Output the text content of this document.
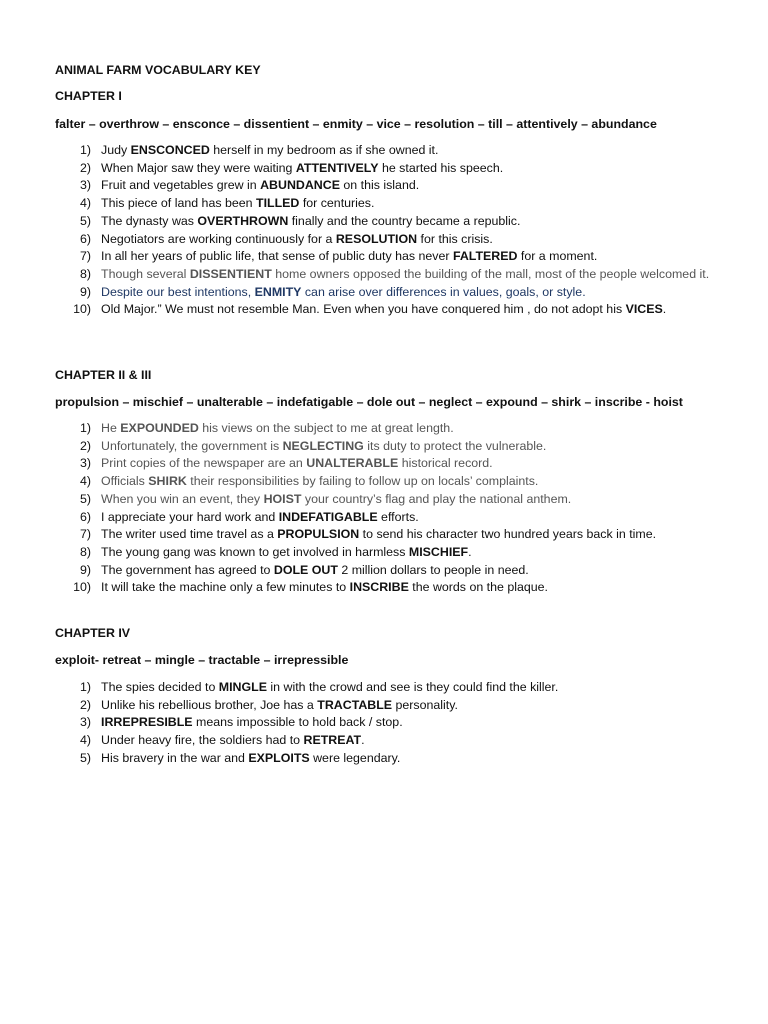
ANIMAL FARM VOCABULARY KEY
CHAPTER I
falter – overthrow – ensconce – dissentient – enmity – vice – resolution – till – attentively – abundance
1) Judy ENSCONCED herself in my bedroom as if she owned it.
2) When Major saw they were waiting ATTENTIVELY he started his speech.
3) Fruit and vegetables grew in ABUNDANCE on this island.
4) This piece of land has been TILLED for centuries.
5) The dynasty was OVERTHROWN finally and the country became a republic.
6) Negotiators are working continuously for a RESOLUTION for this crisis.
7) In all her years of public life, that sense of public duty has never FALTERED for a moment.
8) Though several DISSENTIENT home owners opposed the building of the mall, most of the people welcomed it.
9) Despite our best intentions, ENMITY can arise over differences in values, goals, or style.
10) Old Major.” We must not resemble Man. Even when you have conquered him , do not adopt his VICES.
CHAPTER II & III
propulsion – mischief – unalterable – indefatigable – dole out – neglect – expound – shirk – inscribe - hoist
1) He EXPOUNDED his views on the subject to me at great length.
2) Unfortunately, the government is NEGLECTING its duty to protect the vulnerable.
3) Print copies of the newspaper are an UNALTERABLE historical record.
4) Officials SHIRK their responsibilities by failing to follow up on locals’ complaints.
5) When you win an event, they HOIST your country’s flag and play the national anthem.
6) I appreciate your hard work and INDEFATIGABLE efforts.
7) The writer used time travel as a PROPULSION to send his character two hundred years back in time.
8) The young gang was known to get involved in harmless MISCHIEF.
9) The government has agreed to DOLE OUT 2 million dollars to people in need.
10) It will take the machine only a few minutes to INSCRIBE the words on the plaque.
CHAPTER IV
exploit- retreat – mingle – tractable – irrepressible
1) The spies decided to MINGLE in with the crowd and see is they could find the killer.
2) Unlike his rebellious brother, Joe has a TRACTABLE personality.
3) IRREPRESIBLE means impossible to hold back / stop.
4) Under heavy fire, the soldiers had to RETREAT.
5) His bravery in the war and EXPLOITS were legendary.
